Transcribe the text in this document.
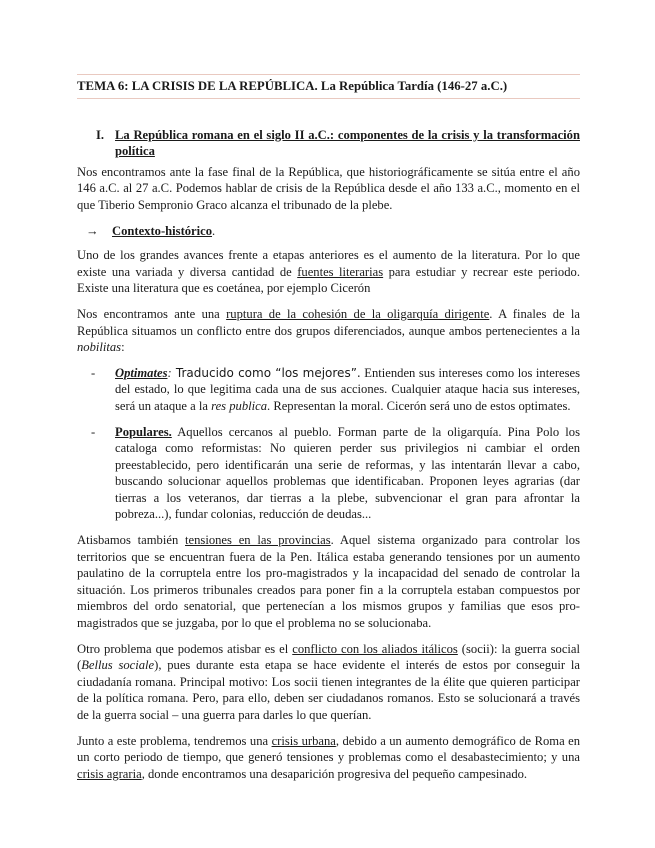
TEMA 6: LA CRISIS DE LA REPÚBLICA. La República Tardía (146-27 a.C.)
I. La República romana en el siglo II a.C.: componentes de la crisis y la transformación política

Nos encontramos ante la fase final de la República, que historiográficamente se sitúa entre el año 146 a.C. al 27 a.C. Podemos hablar de crisis de la República desde el año 133 a.C., momento en el que Tiberio Sempronio Graco alcanza el tribunado de la plebe.

→ Contexto-histórico.

Uno de los grandes avances frente a etapas anteriores es el aumento de la literatura. Por lo que existe una variada y diversa cantidad de fuentes literarias para estudiar y recrear este periodo. Existe una literatura que es coetánea, por ejemplo Cicerón

Nos encontramos ante una ruptura de la cohesión de la oligarquía dirigente. A finales de la República situamos un conflicto entre dos grupos diferenciados, aunque ambos pertenecientes a la nobilitas:

-	Optimates: Traducido como “los mejores”. Entienden sus intereses como los intereses del estado, lo que legitima cada una de sus acciones. Cualquier ataque hacia sus intereses, será un ataque a la res publica. Representan la moral. Cicerón será uno de estos optimates.
-	Populares. Aquellos cercanos al pueblo. Forman parte de la oligarquía. Pina Polo los cataloga como reformistas: No quieren perder sus privilegios ni cambiar el orden preestablecido, pero identificarán una serie de reformas, y las intentarán llevar a cabo, buscando solucionar aquellos problemas que identificaban. Proponen leyes agrarias (dar tierras a los veteranos, dar tierras a la plebe, subvencionar el gran para afrontar la pobreza...), fundar colonias, reducción de deudas...

Atisbamos también tensiones en las provincias. Aquel sistema organizado para controlar los territorios que se encuentran fuera de la Pen. Itálica estaba generando tensiones por un aumento paulatino de la corruptela entre los pro-magistrados y la incapacidad del senado de controlar la situación. Los primeros tribunales creados para poner fin a la corruptela estaban compuestos por miembros del ordo senatorial, que pertenecían a los mismos grupos y familias que esos pro-magistrados que se juzgaba, por lo que el problema no se solucionaba.

Otro problema que podemos atisbar es el conflicto con los aliados itálicos (socii): la guerra social (Bellus sociale), pues durante esta etapa se hace evidente el interés de estos por conseguir la ciudadanía romana. Principal motivo: Los socii tienen integrantes de la élite que quieren participar de la política romana. Pero, para ello, deben ser ciudadanos romanos. Esto se solucionará a través de la guerra social – una guerra para darles lo que querían.

Junto a este problema, tendremos una crisis urbana, debido a un aumento demográfico de Roma en un corto periodo de tiempo, que generó tensiones y problemas como el desabastecimiento; y una crisis agraria, donde encontramos una desaparición progresiva del pequeño campesinado.
